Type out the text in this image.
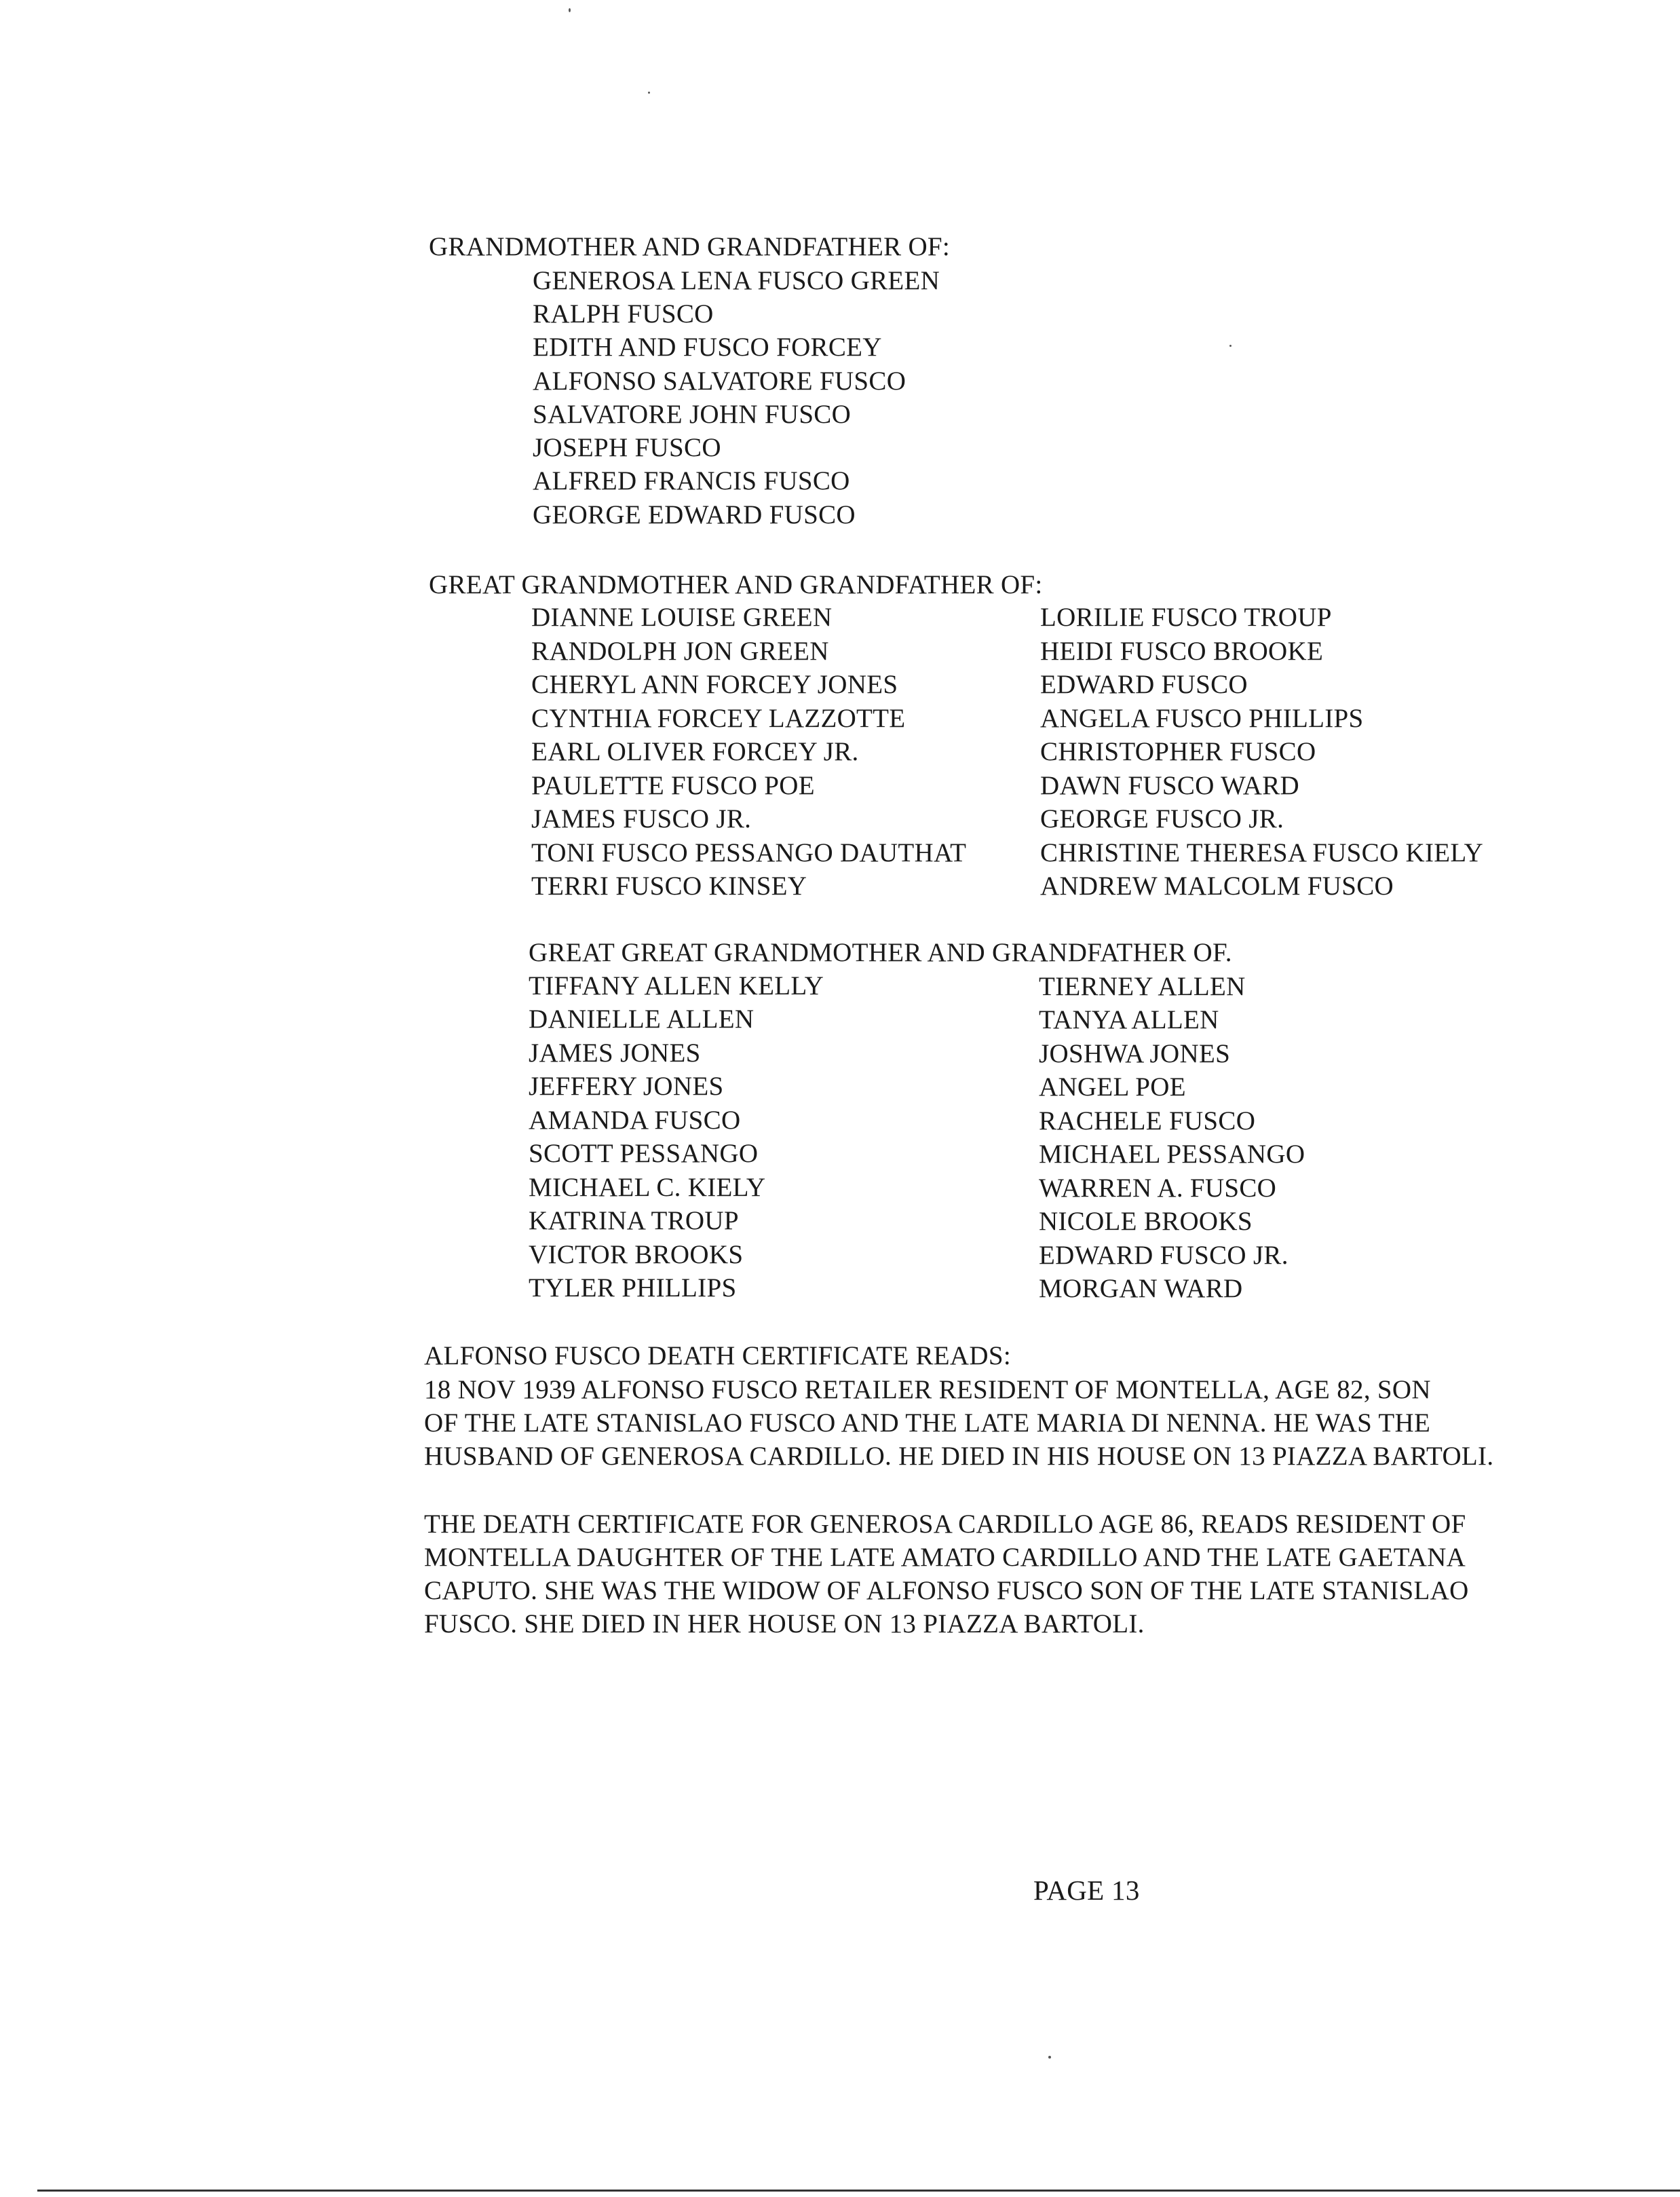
GRANDMOTHER AND GRANDFATHER OF:
GENEROSA LENA FUSCO GREEN
RALPH FUSCO
EDITH AND FUSCO FORCEY
ALFONSO SALVATORE FUSCO
SALVATORE JOHN FUSCO
JOSEPH FUSCO
ALFRED FRANCIS FUSCO
GEORGE EDWARD FUSCO
GREAT GRANDMOTHER AND GRANDFATHER OF:
DIANNE LOUISE GREEN
RANDOLPH JON GREEN
CHERYL ANN FORCEY JONES
CYNTHIA FORCEY LAZZOTTE
EARL OLIVER FORCEY JR.
PAULETTE FUSCO POE
JAMES FUSCO JR.
TONI FUSCO PESSANGO DAUTHAT
TERRI FUSCO KINSEY
LORILIE FUSCO TROUP
HEIDI FUSCO BROOKE
EDWARD FUSCO
ANGELA FUSCO PHILLIPS
CHRISTOPHER FUSCO
DAWN FUSCO WARD
GEORGE FUSCO JR.
CHRISTINE THERESA FUSCO KIELY
ANDREW MALCOLM FUSCO
GREAT GREAT GRANDMOTHER AND GRANDFATHER OF.
TIFFANY ALLEN KELLY
DANIELLE ALLEN
JAMES JONES
JEFFERY JONES
AMANDA FUSCO
SCOTT PESSANGO
MICHAEL C. KIELY
KATRINA TROUP
VICTOR BROOKS
TYLER PHILLIPS
TIERNEY ALLEN
TANYA ALLEN
JOSHWA JONES
ANGEL POE
RACHELE FUSCO
MICHAEL PESSANGO
WARREN A. FUSCO
NICOLE BROOKS
EDWARD FUSCO JR.
MORGAN WARD
ALFONSO FUSCO DEATH CERTIFICATE READS:
18 NOV 1939 ALFONSO FUSCO RETAILER RESIDENT OF MONTELLA, AGE 82, SON
OF THE LATE STANISLAO FUSCO AND THE LATE MARIA DI NENNA. HE WAS THE
HUSBAND OF GENEROSA CARDILLO. HE DIED IN HIS HOUSE ON 13 PIAZZA BARTOLI.
THE DEATH CERTIFICATE FOR GENEROSA CARDILLO AGE 86, READS RESIDENT OF
MONTELLA DAUGHTER OF THE LATE AMATO CARDILLO AND THE LATE GAETANA
CAPUTO. SHE WAS THE WIDOW OF ALFONSO FUSCO SON OF THE LATE STANISLAO
FUSCO. SHE DIED IN HER HOUSE ON 13 PIAZZA BARTOLI.
PAGE 13
